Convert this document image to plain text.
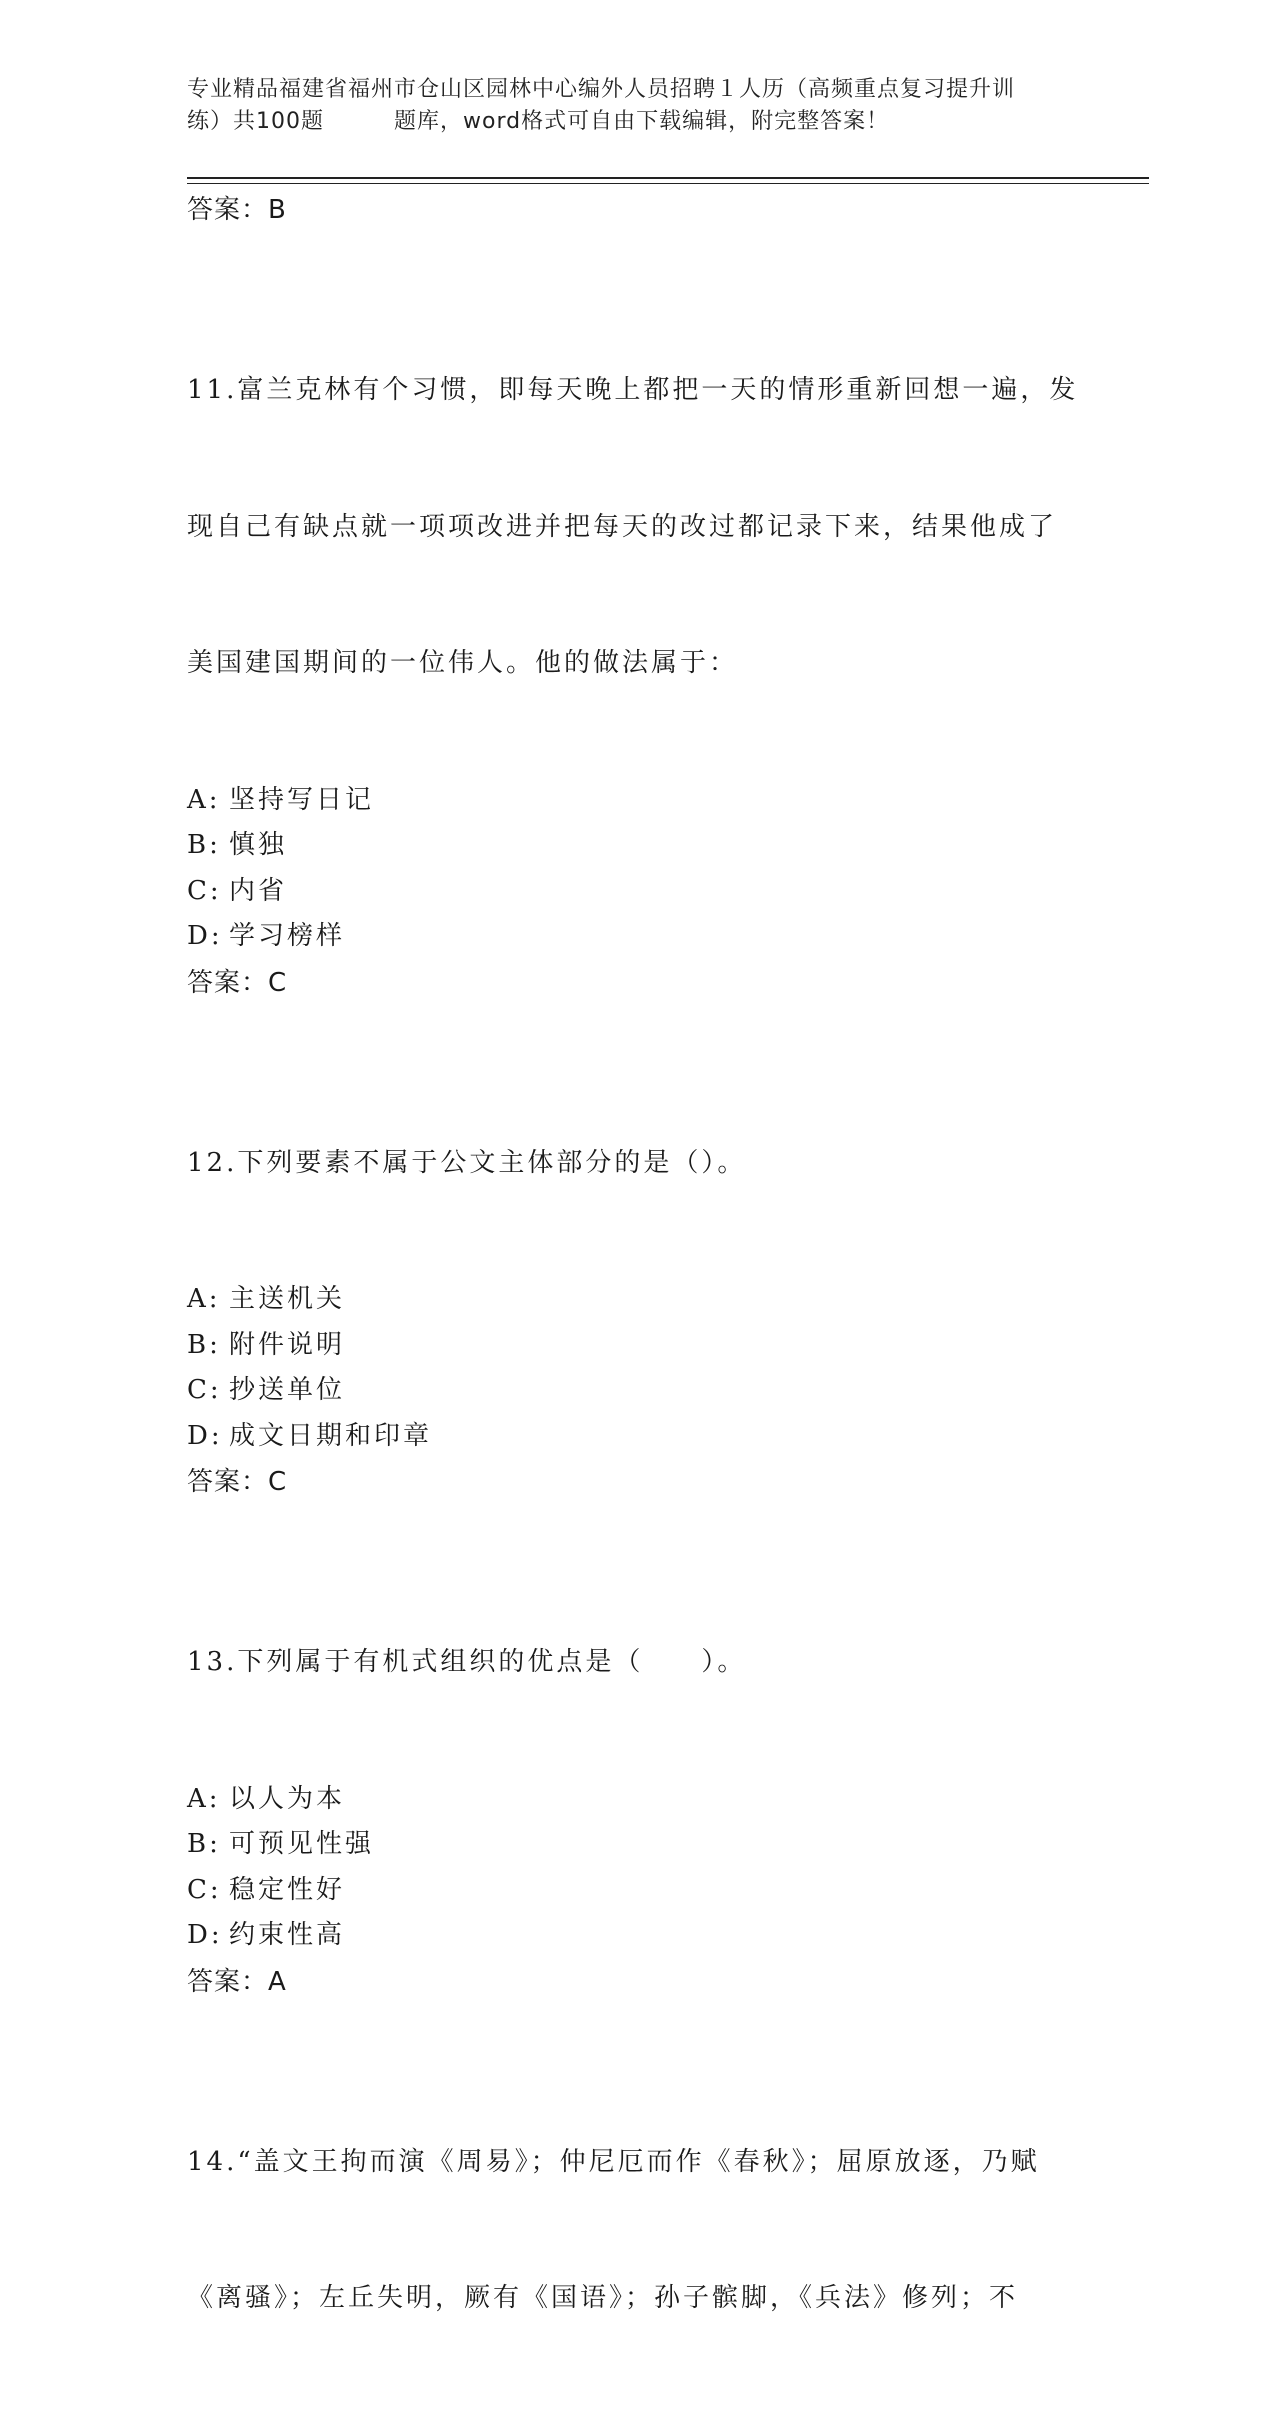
专业精品福建省福州市仓山区园林中心编外人员招聘１人历（高频重点复习提升训
练）共100题	题库，word格式可自由下载编辑，附完整答案！
答案：B

11.富兰克林有个习惯，即每天晚上都把一天的情形重新回想一遍，发

现自己有缺点就一项项改进并把每天的改过都记录下来，结果他成了

美国建国期间的一位伟人。他的做法属于：

A: 坚持写日记
B: 慎独
C: 内省
D: 学习榜样
答案：C

12.下列要素不属于公文主体部分的是（）。

A: 主送机关
B: 附件说明
C: 抄送单位
D: 成文日期和印章
答案：C

13.下列属于有机式组织的优点是（　　）。

A: 以人为本
B: 可预见性强
C: 稳定性好
D: 约束性高
答案：A

14.“盖文王拘而演《周易》；仲尼厄而作《春秋》；屈原放逐，乃赋

《离骚》；左丘失明，厥有《国语》；孙子髌脚，《兵法》修列；不
